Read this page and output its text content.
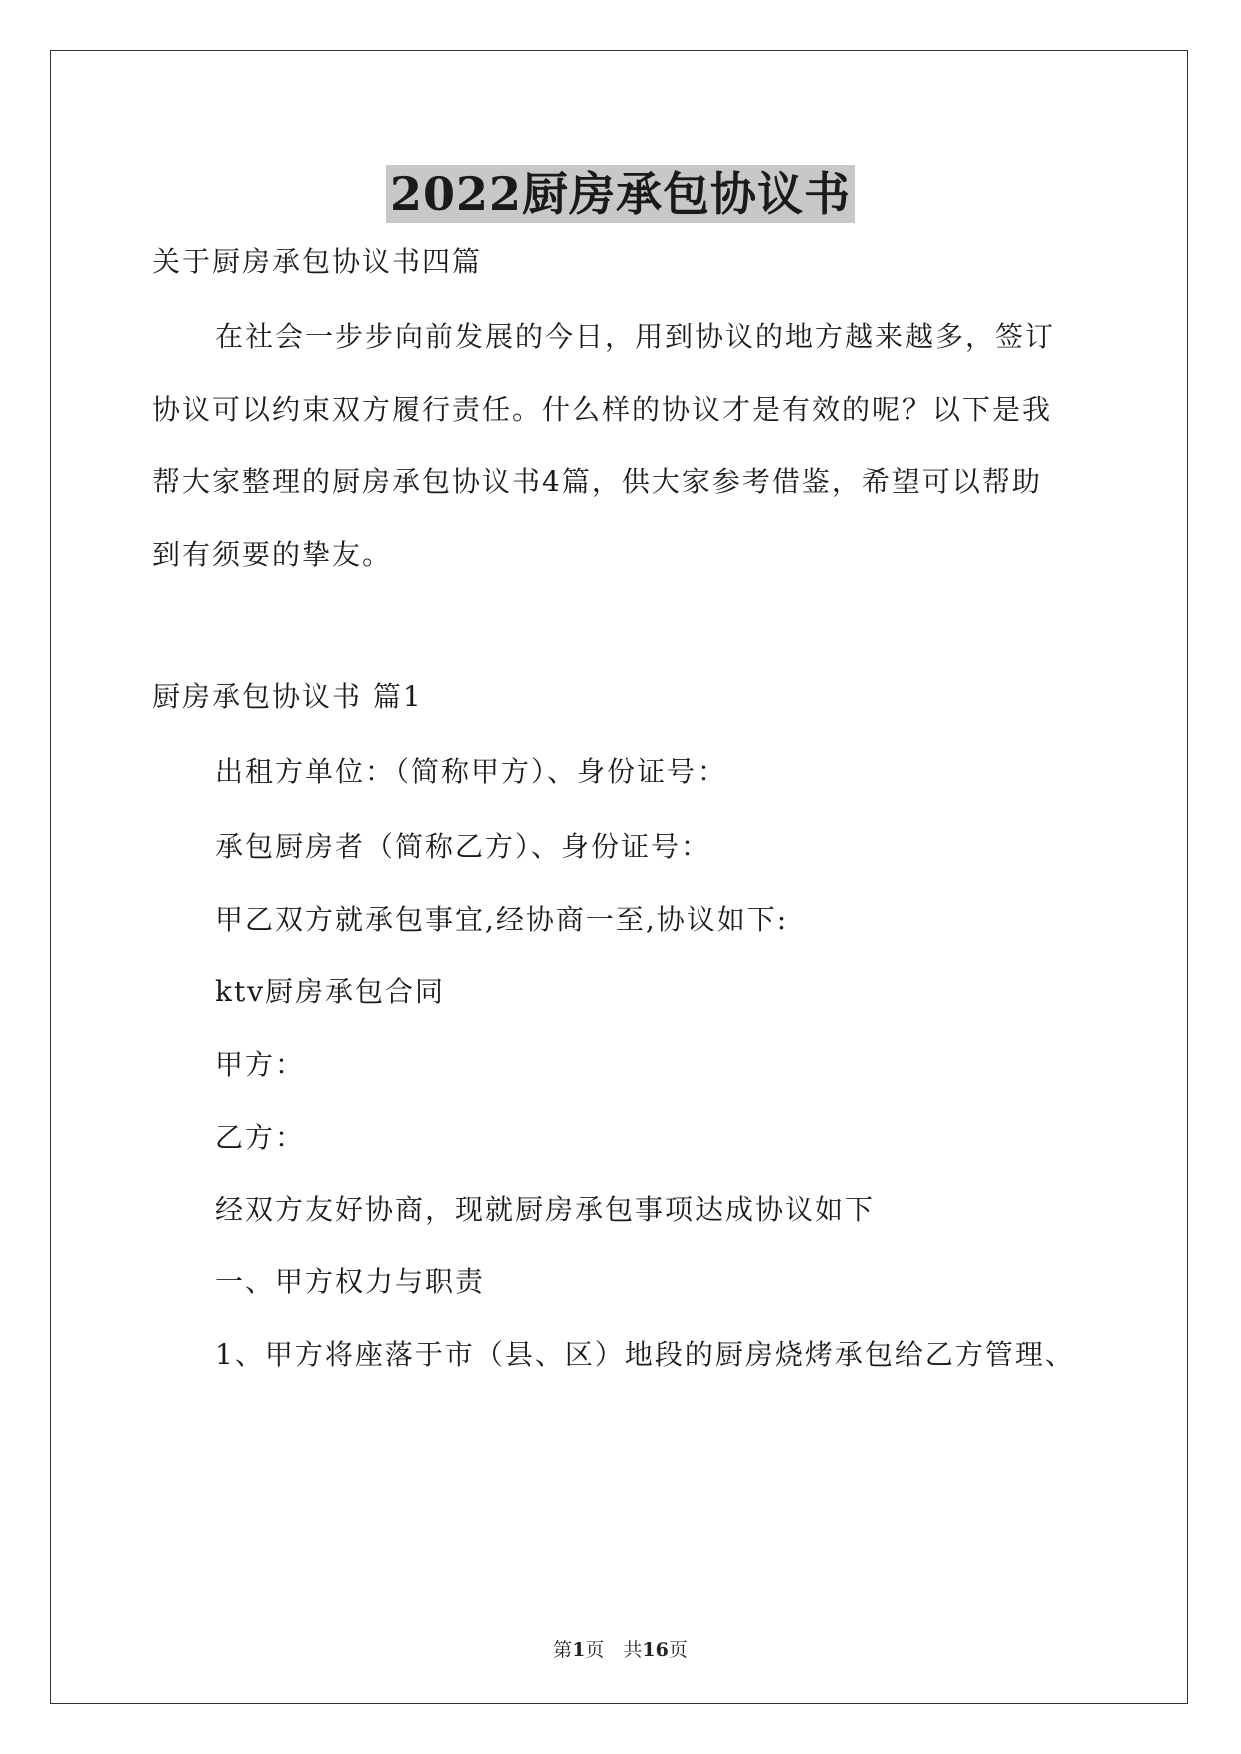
2022厨房承包协议书
关于厨房承包协议书四篇
在社会一步步向前发展的今日，用到协议的地方越来越多，签订
协议可以约束双方履行责任。什么样的协议才是有效的呢？以下是我
帮大家整理的厨房承包协议书4篇，供大家参考借鉴，希望可以帮助
到有须要的挚友。
厨房承包协议书 篇1
出租方单位：（简称甲方）、身份证号：
承包厨房者（简称乙方）、身份证号：
甲乙双方就承包事宜,经协商一至,协议如下:
ktv厨房承包合同
甲方：
乙方：
经双方友好协商，现就厨房承包事项达成协议如下
一、甲方权力与职责
1、甲方将座落于市（县、区）地段的厨房烧烤承包给乙方管理、
第1页　共16页
